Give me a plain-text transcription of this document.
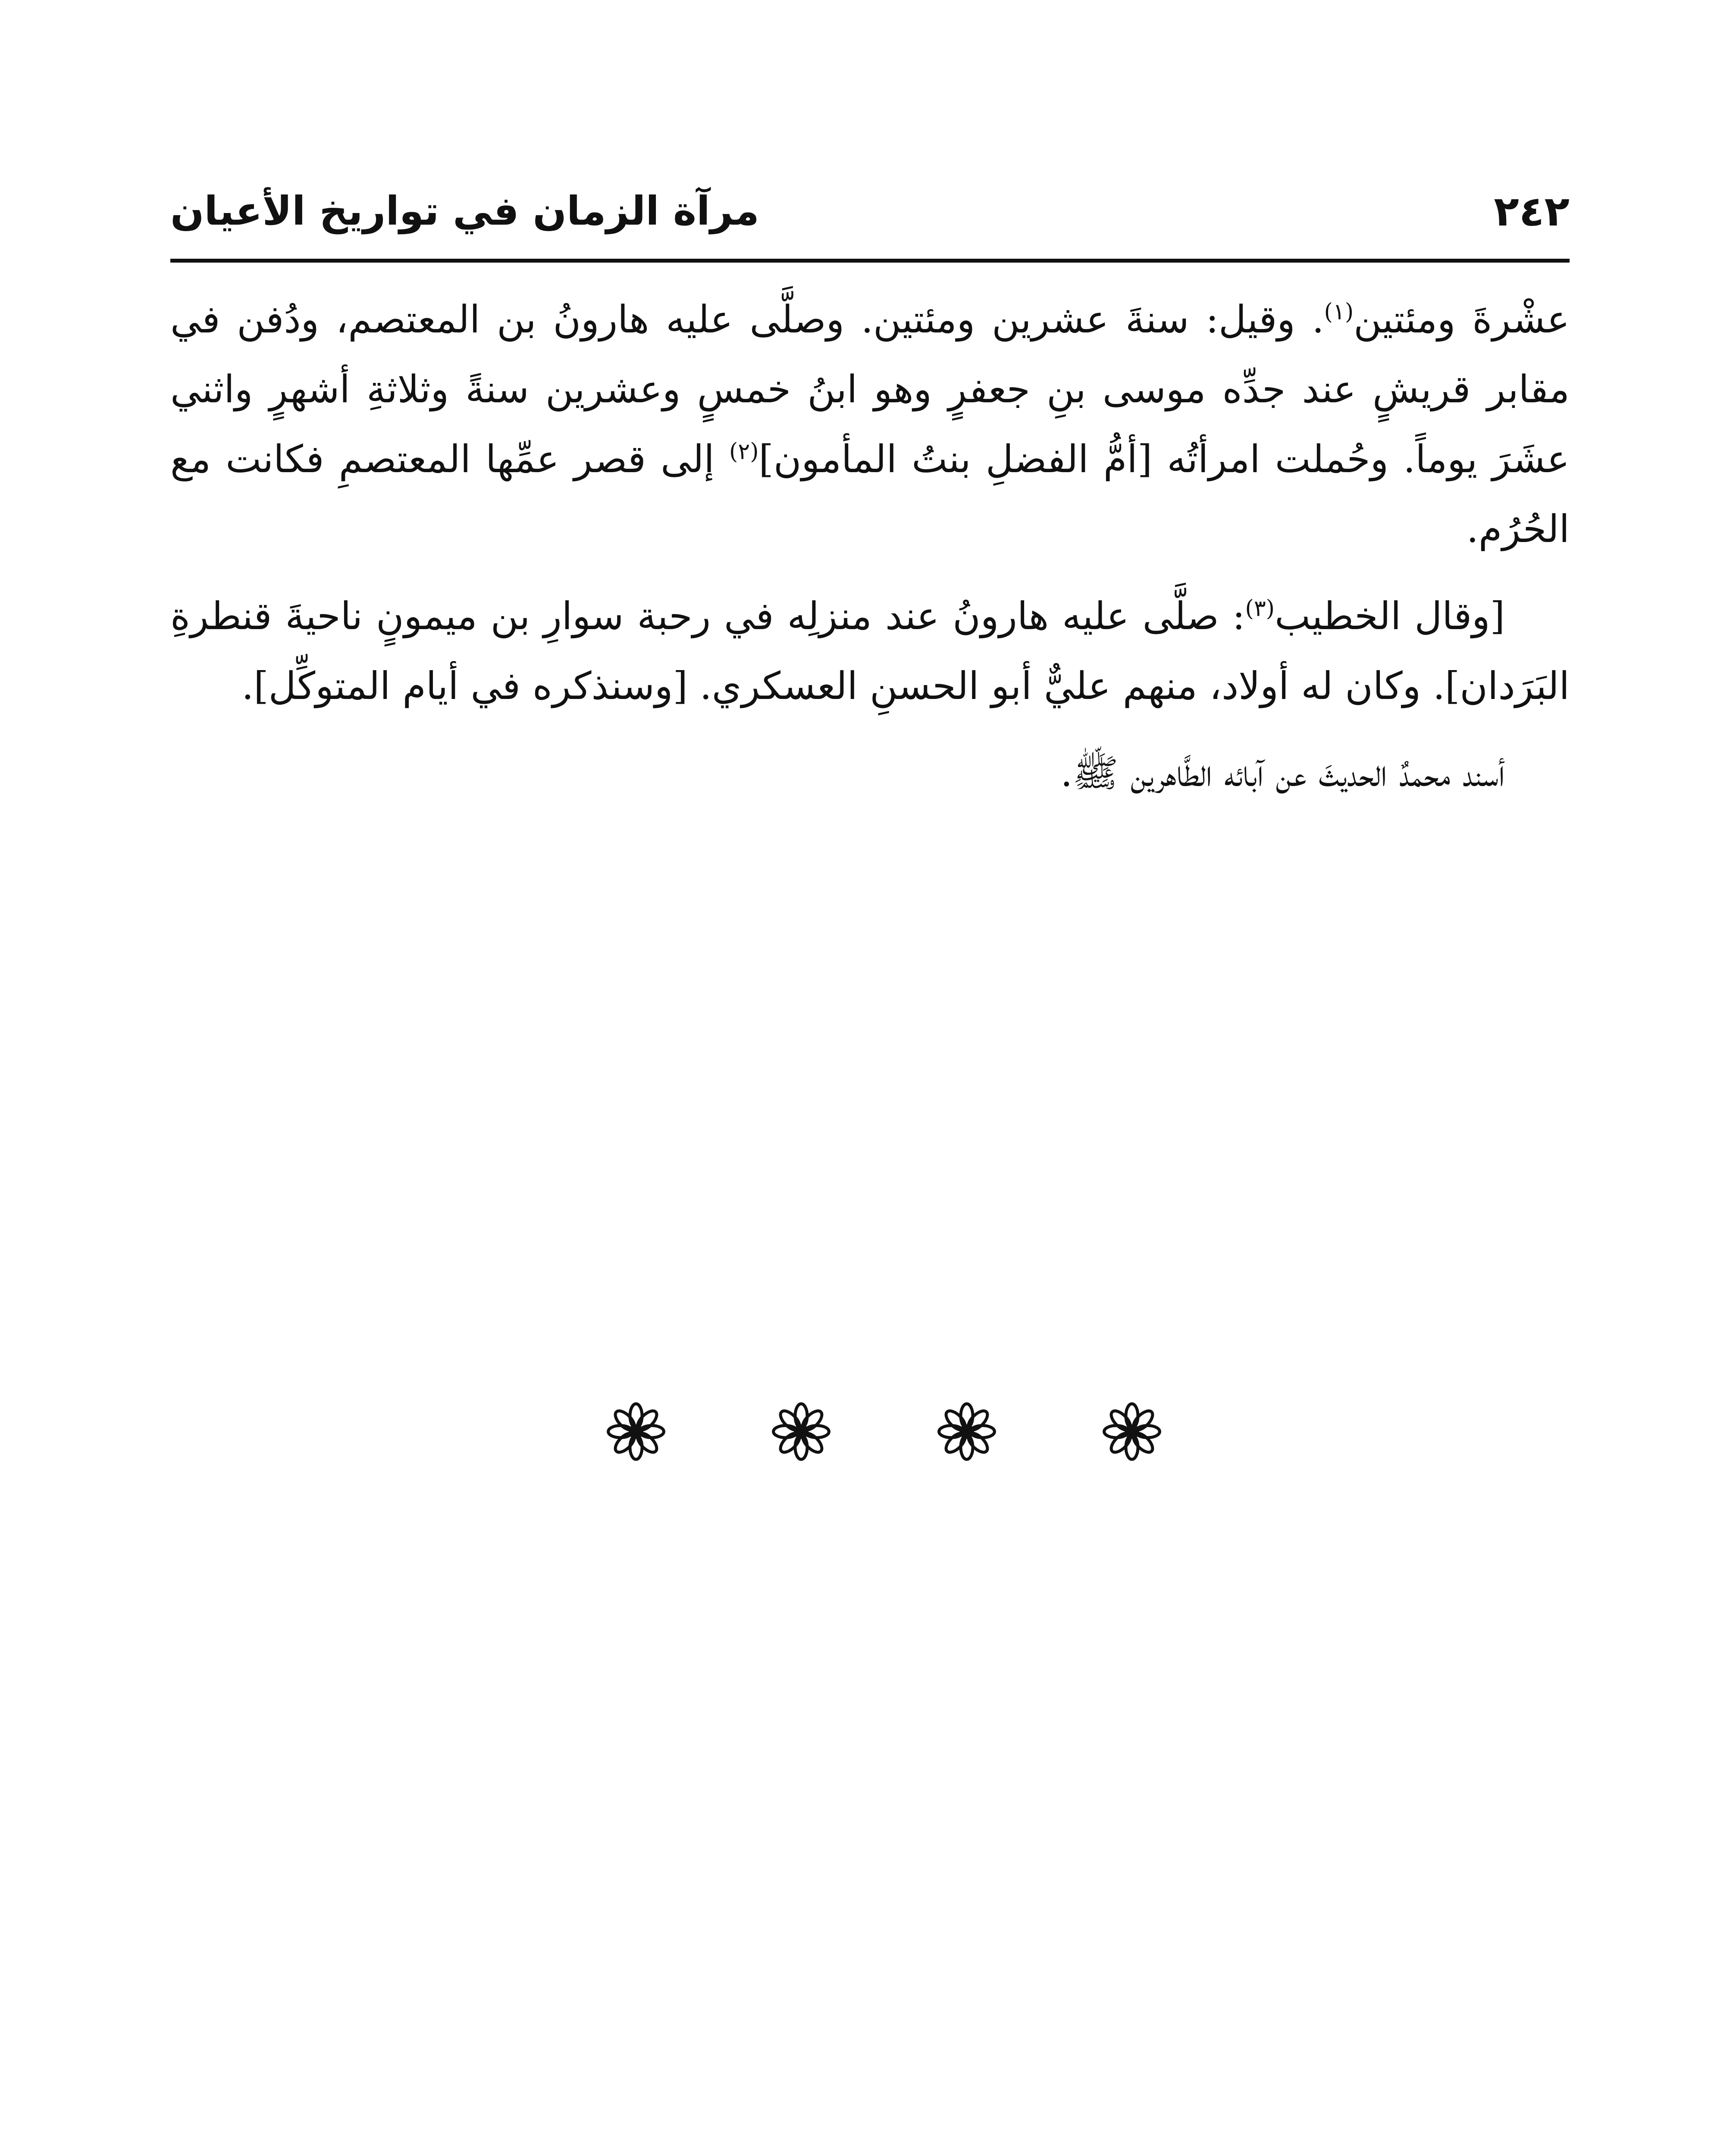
٢٤٢
مرآة الزمان في تواريخ الأعيان

عشْرةَ ومئتين$^{(١)}$. وقيل: سنةَ عشرين ومئتين. وصلَّى عليه هارونُ بن المعتصم، ودُفن في مقابر قريشٍ عند جدِّه موسى بنِ جعفرٍ وهو ابنُ خمسٍ وعشرين سنةً وثلاثةِ أشهرٍ واثني عشَرَ يوماً. وحُملت امرأتُه [أمُّ الفضلِ بنتُ المأمون]$^{(٢)}$ إلى قصر عمِّها المعتصمِ فكانت مع الحُرُم.

[وقال الخطيب$^{(٣)}$: صلَّى عليه هارونُ عند منزلِه في رحبة سوارِ بن ميمونٍ ناحيةَ قنطرةِ البَرَدان]. وكان له أولاد، منهم عليٌّ أبو الحسنِ العسكري. [وسنذكره في أيام المتوكِّل].

أسند محمدٌ الحديثَ عن آبائه الطَّاهرين ﷺ.
